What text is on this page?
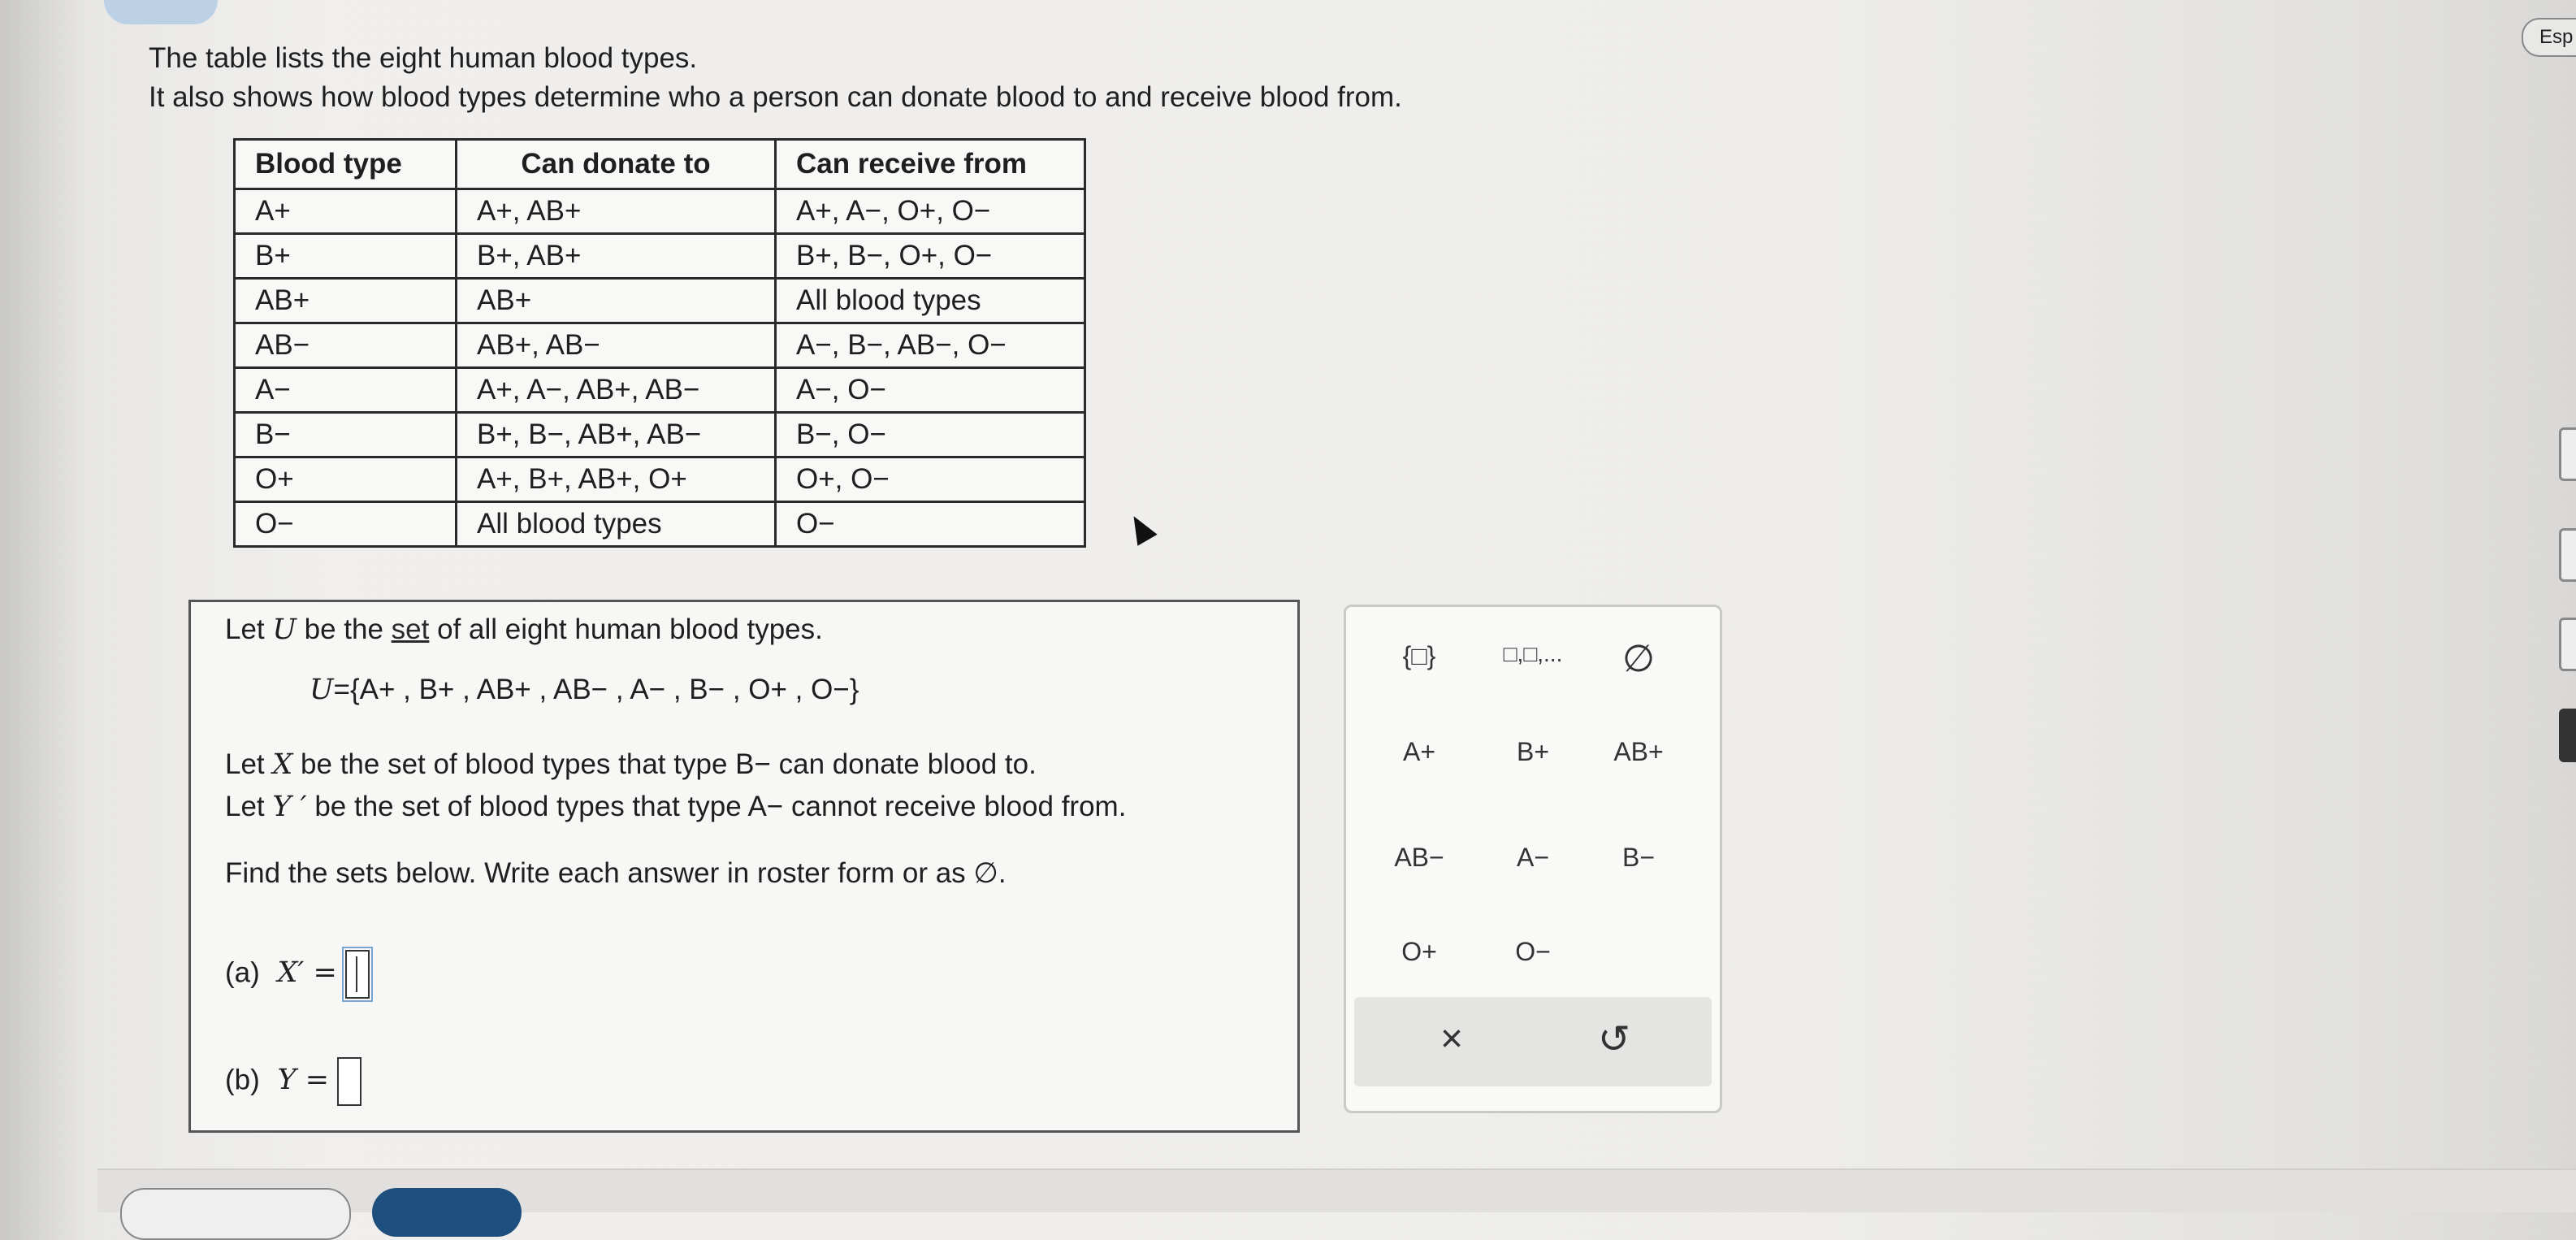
The table lists the eight human blood types.
It also shows how blood types determine who a person can donate blood to and receive blood from.
Blood type	Can donate to	Can receive from
A+	A+, AB+	A+, A−, O+, O−
B+	B+, AB+	B+, B−, O+, O−
AB+	AB+	All blood types
AB−	AB+, AB−	A−, B−, AB−, O−
A−	A+, A−, AB+, AB−	A−, O−
B−	B+, B−, AB+, AB−	B−, O−
O+	A+, B+, AB+, O+	O+, O−
O−	All blood types	O−
Let U be the set of all eight human blood types.
U={A+ , B+ , AB+ , AB− , A− , B− , O+ , O−}
Let X be the set of blood types that type B− can donate blood to.
Let Y ′ be the set of blood types that type A− cannot receive blood from.
Find the sets below. Write each answer in roster form or as ∅.
(a) X′ =
(b) Y =
{□}	□,□,...	∅
A+	B+	AB+
AB−	A−	B−
O+	O−
×	↺
Esp
